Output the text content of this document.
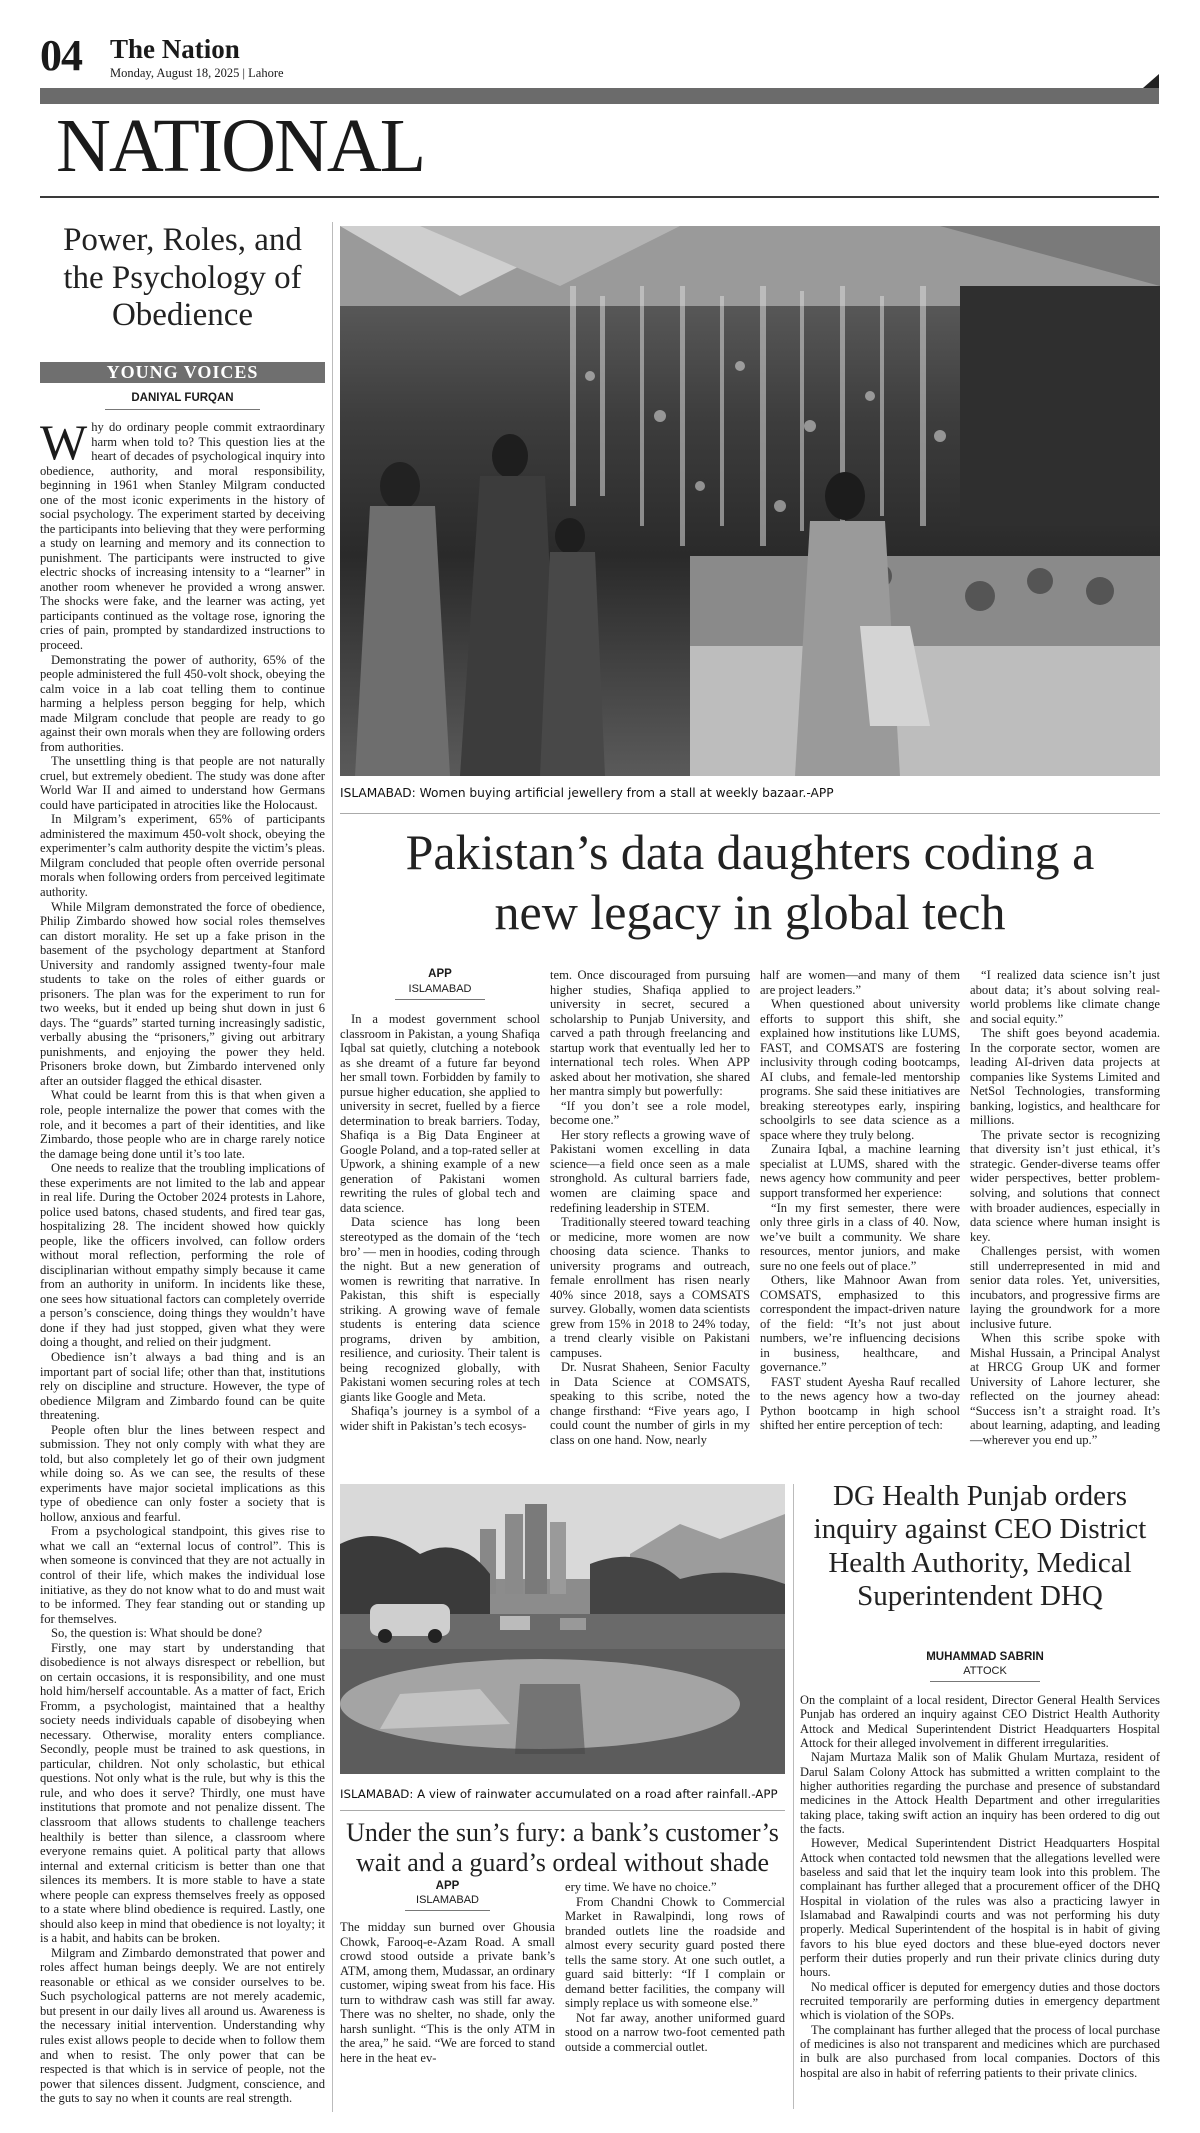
04 The Nation
Monday, August 18, 2025 | Lahore
NATIONAL
Power, Roles, and the Psychology of Obedience
YOUNG VOICES
DANIYAL FURQAN

Why do ordinary people commit extraordinary harm when told to? This question lies at the heart of decades of psychological inquiry into obedience, authority, and moral responsibility, beginning in 1961 when Stanley Milgram conducted one of the most iconic experiments in the history of social psychology. The experiment started by deceiving the participants into believing that they were performing a study on learning and memory and its connection to punishment. The participants were instructed to give electric shocks of increasing intensity to a “learner” in another room whenever he provided a wrong answer. The shocks were fake, and the learner was acting, yet participants continued as the voltage rose, ignoring the cries of pain, prompted by standardized instructions to proceed.

Demonstrating the power of authority, 65% of the people administered the full 450-volt shock, obeying the calm voice in a lab coat telling them to continue harming a helpless person begging for help, which made Milgram conclude that people are ready to go against their own morals when they are following orders from authorities.

The unsettling thing is that people are not naturally cruel, but extremely obedient. The study was done after World War II and aimed to understand how Germans could have participated in atrocities like the Holocaust.

In Milgram’s experiment, 65% of participants administered the maximum 450-volt shock, obeying the experimenter’s calm authority despite the victim’s pleas. Milgram concluded that people often override personal morals when following orders from perceived legitimate authority.

While Milgram demonstrated the force of obedience, Philip Zimbardo showed how social roles themselves can distort morality. He set up a fake prison in the basement of the psychology department at Stanford University and randomly assigned twenty-four male students to take on the roles of either guards or prisoners. The plan was for the experiment to run for two weeks, but it ended up being shut down in just 6 days. The “guards” started turning increasingly sadistic, verbally abusing the “prisoners,” giving out arbitrary punishments, and enjoying the power they held. Prisoners broke down, but Zimbardo intervened only after an outsider flagged the ethical disaster.

What could be learnt from this is that when given a role, people internalize the power that comes with the role, and it becomes a part of their identities, and like Zimbardo, those people who are in charge rarely notice the damage being done until it’s too late.

One needs to realize that the troubling implications of these experiments are not limited to the lab and appear in real life. During the October 2024 protests in Lahore, police used batons, chased students, and fired tear gas, hospitalizing 28. The incident showed how quickly people, like the officers involved, can follow orders without moral reflection, performing the role of disciplinarian without empathy simply because it came from an authority in uniform. In incidents like these, one sees how situational factors can completely override a person’s conscience, doing things they wouldn’t have done if they had just stopped, given what they were doing a thought, and relied on their judgment.

Obedience isn’t always a bad thing and is an important part of social life; other than that, institutions rely on discipline and structure. However, the type of obedience Milgram and Zimbardo found can be quite threatening.

People often blur the lines between respect and submission. They not only comply with what they are told, but also completely let go of their own judgment while doing so. As we can see, the results of these experiments have major societal implications as this type of obedience can only foster a society that is hollow, anxious and fearful.

From a psychological standpoint, this gives rise to what we call an “external locus of control”. This is when someone is convinced that they are not actually in control of their life, which makes the individual lose initiative, as they do not know what to do and must wait to be informed. They fear standing out or standing up for themselves.

So, the question is: What should be done?

Firstly, one may start by understanding that disobedience is not always disrespect or rebellion, but on certain occasions, it is responsibility, and one must hold him/herself accountable. As a matter of fact, Erich Fromm, a psychologist, maintained that a healthy society needs individuals capable of disobeying when necessary. Otherwise, morality enters compliance. Secondly, people must be trained to ask questions, in particular, children. Not only scholastic, but ethical questions. Not only what is the rule, but why is this the rule, and who does it serve? Thirdly, one must have institutions that promote and not penalize dissent. The classroom that allows students to challenge teachers healthily is better than silence, a classroom where everyone remains quiet. A political party that allows internal and external criticism is better than one that silences its members. It is more stable to have a state where people can express themselves freely as opposed to a state where blind obedience is required. Lastly, one should also keep in mind that obedience is not loyalty; it is a habit, and habits can be broken.

Milgram and Zimbardo demonstrated that power and roles affect human beings deeply. We are not entirely reasonable or ethical as we consider ourselves to be. Such psychological patterns are not merely academic, but present in our daily lives all around us. Awareness is the necessary initial intervention. Understanding why rules exist allows people to decide when to follow them and when to resist. The only power that can be respected is that which is in service of people, not the power that silences dissent. Judgment, conscience, and the guts to say no when it counts are real strength.

ISLAMABAD: Women buying artificial jewellery from a stall at weekly bazaar.-APP
Pakistan’s data daughters coding a new legacy in global tech
APP
ISLAMABAD

In a modest government school classroom in Pakistan, a young Shafiqa Iqbal sat quietly, clutching a notebook as she dreamt of a future far beyond her small town. Forbidden by family to pursue higher education, she applied to university in secret, fuelled by a fierce determination to break barriers. Today, Shafiqa is a Big Data Engineer at Google Poland, and a top-rated seller at Upwork, a shining example of a new generation of Pakistani women rewriting the rules of global tech and data science.

Data science has long been stereotyped as the domain of the ‘tech bro’ — men in hoodies, coding through the night. But a new generation of women is rewriting that narrative. In Pakistan, this shift is especially striking. A growing wave of female students is entering data science programs, driven by ambition, resilience, and curiosity. Their talent is being recognized globally, with Pakistani women securing roles at tech giants like Google and Meta.

Shafiqa’s journey is a symbol of a wider shift in Pakistan’s tech ecosys-

tem. Once discouraged from pursuing higher studies, Shafiqa applied to university in secret, secured a scholarship to Punjab University, and carved a path through freelancing and startup work that eventually led her to international tech roles. When APP asked about her motivation, she shared her mantra simply but powerfully:

“If you don’t see a role model, become one.”

Her story reflects a growing wave of Pakistani women excelling in data science—a field once seen as a male stronghold. As cultural barriers fade, women are claiming space and redefining leadership in STEM.

Traditionally steered toward teaching or medicine, more women are now choosing data science. Thanks to university programs and outreach, female enrollment has risen nearly 40% since 2018, says a COMSATS survey. Globally, women data scientists grew from 15% in 2018 to 24% today, a trend clearly visible on Pakistani campuses.

Dr. Nusrat Shaheen, Senior Faculty in Data Science at COMSATS, speaking to this scribe, noted the change firsthand: “Five years ago, I could count the number of girls in my class on one hand. Now, nearly

half are women—and many of them are project leaders.”

When questioned about university efforts to support this shift, she explained how institutions like LUMS, FAST, and COMSATS are fostering inclusivity through coding bootcamps, AI clubs, and female-led mentorship programs. She said these initiatives are breaking stereotypes early, inspiring schoolgirls to see data science as a space where they truly belong.

Zunaira Iqbal, a machine learning specialist at LUMS, shared with the news agency how community and peer support transformed her experience:

“In my first semester, there were only three girls in a class of 40. Now, we’ve built a community. We share resources, mentor juniors, and make sure no one feels out of place.”

Others, like Mahnoor Awan from COMSATS, emphasized to this correspondent the impact-driven nature of the field: “It’s not just about numbers, we’re influencing decisions in business, healthcare, and governance.”

FAST student Ayesha Rauf recalled to the news agency how a two-day Python bootcamp in high school shifted her entire perception of tech:

“I realized data science isn’t just about data; it’s about solving real-world problems like climate change and social equity.”

The shift goes beyond academia. In the corporate sector, women are leading AI-driven data projects at companies like Systems Limited and NetSol Technologies, transforming banking, logistics, and healthcare for millions.

The private sector is recognizing that diversity isn’t just ethical, it’s strategic. Gender-diverse teams offer wider perspectives, better problem-solving, and solutions that connect with broader audiences, especially in data science where human insight is key.

Challenges persist, with women still underrepresented in mid and senior data roles. Yet, universities, incubators, and progressive firms are laying the groundwork for a more inclusive future.

When this scribe spoke with Mishal Hussain, a Principal Analyst at HRCG Group UK and former University of Lahore lecturer, she reflected on the journey ahead: “Success isn’t a straight road. It’s about learning, adapting, and leading—wherever you end up.”

ISLAMABAD: A view of rainwater accumulated on a road after rainfall.-APP
Under the sun’s fury: a bank’s customer’s wait and a guard’s ordeal without shade
APP
ISLAMABAD

The midday sun burned over Ghousia Chowk, Farooq-e-Azam Road. A small crowd stood outside a private bank’s ATM, among them, Mudassar, an ordinary customer, wiping sweat from his face. His turn to withdraw cash was still far away. There was no shelter, no shade, only the harsh sunlight. “This is the only ATM in the area,” he said. “We are forced to stand here in the heat ev-

ery time. We have no choice.”

From Chandni Chowk to Commercial Market in Rawalpindi, long rows of branded outlets line the roadside and almost every security guard posted there tells the same story. At one such outlet, a guard said bitterly: “If I complain or demand better facilities, the company will simply replace us with someone else.”

Not far away, another uniformed guard stood on a narrow two-foot cemented path outside a commercial outlet.

DG Health Punjab orders inquiry against CEO District Health Authority, Medical Superintendent DHQ
MUHAMMAD SABRIN
ATTOCK

On the complaint of a local resident, Director General Health Services Punjab has ordered an inquiry against CEO District Health Authority Attock and Medical Superintendent District Headquarters Hospital Attock for their alleged involvement in different irregularities.

Najam Murtaza Malik son of Malik Ghulam Murtaza, resident of Darul Salam Colony Attock has submitted a written complaint to the higher authorities regarding the purchase and presence of substandard medicines in the Attock Health Department and other irregularities taking place, taking swift action an inquiry has been ordered to dig out the facts.

However, Medical Superintendent District Headquarters Hospital Attock when contacted told newsmen that the allegations levelled were baseless and said that let the inquiry team look into this problem. The complainant has further alleged that a procurement officer of the DHQ Hospital in violation of the rules was also a practicing lawyer in Islamabad and Rawalpindi courts and was not performing his duty properly. Medical Superintendent of the hospital is in habit of giving favors to his blue eyed doctors and these blue-eyed doctors never perform their duties properly and run their private clinics during duty hours.

No medical officer is deputed for emergency duties and those doctors recruited temporarily are performing duties in emergency department which is violation of the SOPs.

The complainant has further alleged that the process of local purchase of medicines is also not transparent and medicines which are purchased in bulk are also purchased from local companies. Doctors of this hospital are also in habit of referring patients to their private clinics.
